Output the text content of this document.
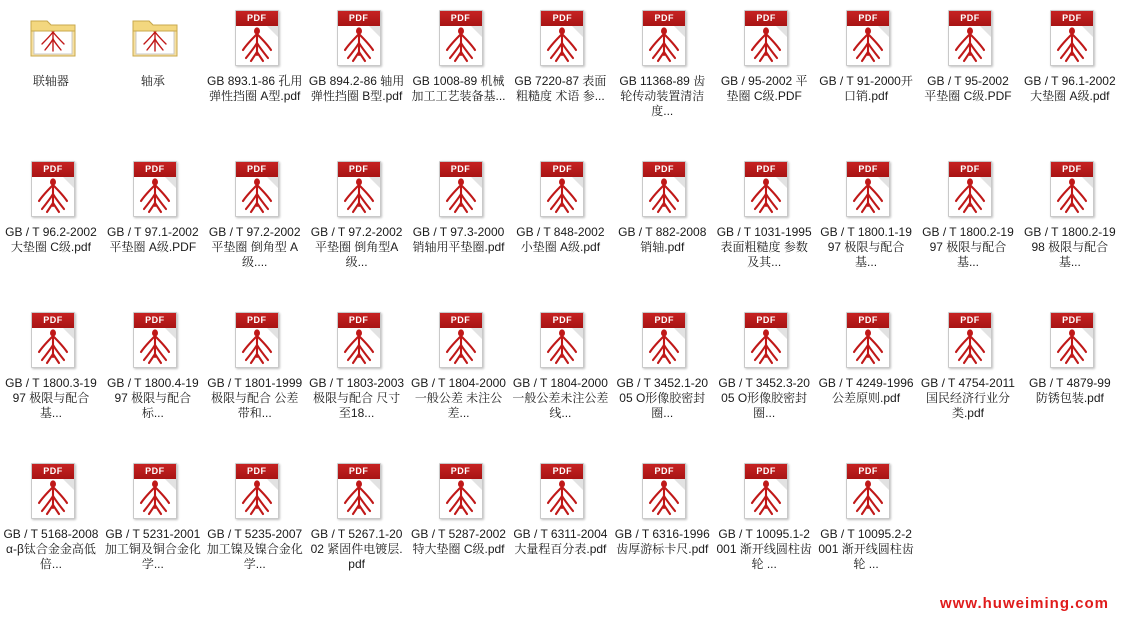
联轴器	轴承
PDF
GB 893.1-86 孔用弹性挡圈 A型.pdf
PDF
GB 894.2-86 轴用弹性挡圈 B型.pdf
PDF
GB 1008-89 机械加工工艺装备基...
PDF
GB 7220-87 表面粗糙度 术语 参...
PDF
GB 11368-89 齿轮传动装置清洁度...
PDF
GB / 95-2002 平垫圈 C级.PDF
PDF
GB / T 91-2000开口销.pdf
PDF
GB / T 95-2002 平垫圈 C级.PDF
PDF
GB / T 96.1-2002 大垫圈 A级.pdf
PDF
GB / T 96.2-2002 大垫圈 C级.pdf
PDF
GB / T 97.1-2002 平垫圈 A级.PDF
PDF
GB / T 97.2-2002 平垫圈 倒角型 A级....
PDF
GB / T 97.2-2002 平垫圈 倒角型A级...
PDF
GB / T 97.3-2000 销轴用平垫圈.pdf
PDF
GB / T 848-2002 小垫圈 A级.pdf
PDF
GB / T 882-2008 销轴.pdf
PDF
GB / T 1031-1995 表面粗糙度 参数及其...
PDF
GB / T 1800.1-1997 极限与配合 基...
PDF
GB / T 1800.2-1997 极限与配合 基...
PDF
GB / T 1800.2-1998 极限与配合 基...
PDF
GB / T 1800.3-1997 极限与配合 基...
PDF
GB / T 1800.4-1997 极限与配合 标...
PDF
GB / T 1801-1999 极限与配合 公差带和...
PDF
GB / T 1803-2003 极限与配合 尺寸至18...
PDF
GB / T 1804-2000 一般公差 未注公差...
PDF
GB / T 1804-2000 一般公差未注公差线...
PDF
GB / T 3452.1-2005 O形像胶密封圈...
PDF
GB / T 3452.3-2005 O形像胶密封圈...
PDF
GB / T 4249-1996 公差原则.pdf
PDF
GB / T 4754-2011 国民经济行业分类.pdf
PDF
GB / T 4879-99 防锈包装.pdf
PDF
GB / T 5168-2008 α-β钛合金金高低倍...
PDF
GB / T 5231-2001 加工铜及铜合金化学...
PDF
GB / T 5235-2007 加工镍及镍合金化学...
PDF
GB / T 5267.1-2002 紧固件电镀层.pdf
PDF
GB / T 5287-2002 特大垫圈 C级.pdf
PDF
GB / T 6311-2004 大量程百分表.pdf
PDF
GB / T 6316-1996 齿厚游标卡尺.pdf
PDF
GB / T 10095.1-2001 渐开线圆柱齿轮 ...
PDF
GB / T 10095.2-2001 渐开线圆柱齿轮 ...
www.huweiming.com
